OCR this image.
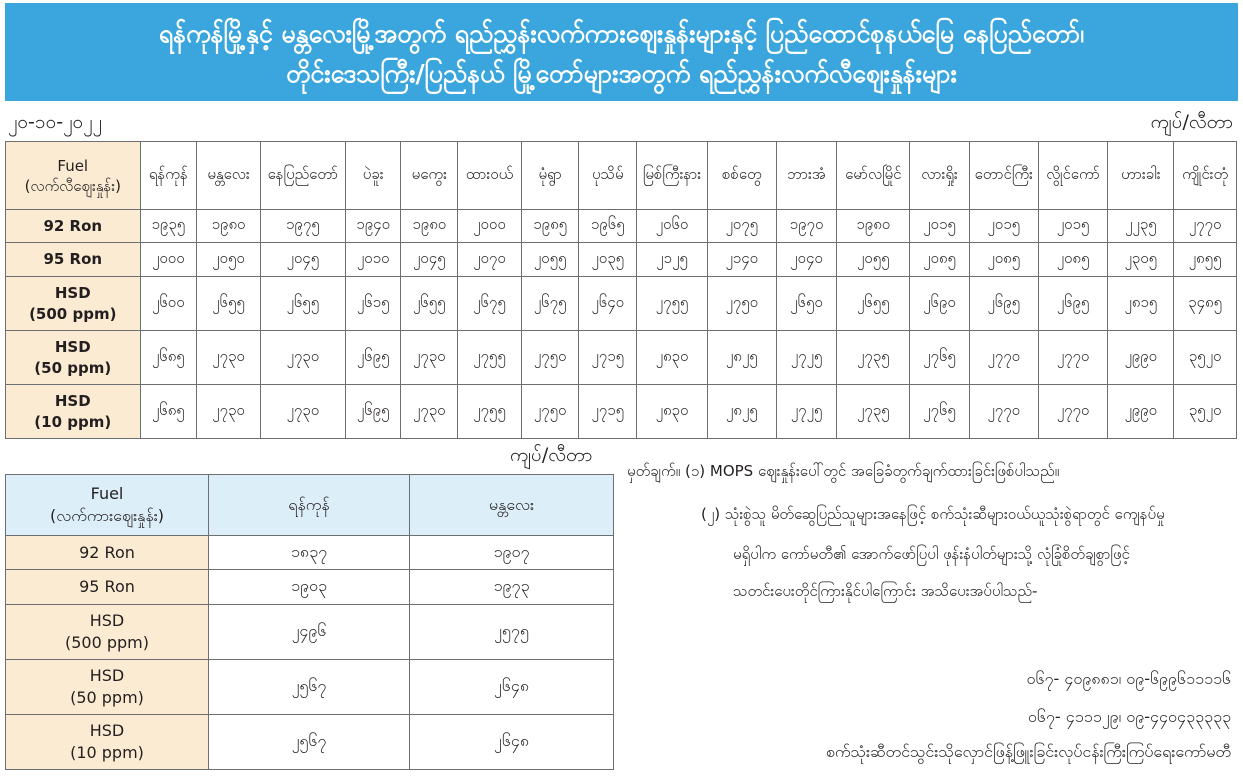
ရန်ကုန်မြို့နှင့် မန္တလေးမြို့အတွက် ရည်ညွှန်းလက်ကားဈေးနှုန်းများနှင့် ပြည်ထောင်စုနယ်မြေ နေပြည်တော်၊
တိုင်းဒေသကြီး/ပြည်နယ် မြို့တော်များအတွက် ရည်ညွှန်းလက်လီဈေးနှုန်းများ
၂၀-၁၀-၂၀၂၂	ကျပ်/လီတာ
Fuel
(လက်လီဈေးနှုန်း)	ရန်ကုန်	မန္တလေး	နေပြည်တော်	ပဲခူး	မကွေး	ထားဝယ်	မုံရွာ	ပုသိမ်	မြစ်ကြီးနား	စစ်တွေ	ဘားအံ	မော်လမြိုင်	လားရှိုး	တောင်ကြီး	လွိုင်ကော်	ဟားခါး	ကျိုင်းတုံ
92 Ron	၁၉၃၅	၁၉၈၀	၁၉၇၅	၁၉၄၀	၁၉၈၀	၂၀၀၀	၁၉၈၅	၁၉၆၅	၂၀၆၀	၂၀၇၅	၁၉၇၀	၁၉၈၀	၂၀၁၅	၂၀၁၅	၂၀၁၅	၂၂၃၅	၂၇၇၀
95 Ron	၂၀၀၀	၂၀၅၀	၂၀၄၅	၂၀၁၀	၂၀၄၅	၂၀၇၀	၂၀၅၅	၂၀၃၅	၂၁၂၅	၂၁၄၀	၂၀၄၀	၂၀၅၅	၂၀၈၅	၂၀၈၅	၂၀၈၅	၂၃၀၅	၂၈၅၅
HSD
(500 ppm)	၂၆၀၀	၂၆၅၅	၂၆၅၅	၂၆၁၅	၂၆၅၅	၂၆၇၅	၂၆၇၅	၂၆၄၀	၂၇၅၅	၂၇၅၀	၂၆၅၀	၂၆၅၅	၂၆၉၀	၂၆၉၅	၂၆၉၅	၂၈၁၅	၃၄၈၅
HSD
(50 ppm)	၂၆၈၅	၂၇၃၀	၂၇၃၀	၂၆၉၅	၂၇၃၀	၂၇၅၅	၂၇၅၀	၂၇၁၅	၂၈၃၀	၂၈၂၅	၂၇၂၅	၂၇၃၅	၂၇၆၅	၂၇၇၀	၂၇၇၀	၂၉၉၀	၃၅၂၀
HSD
(10 ppm)	၂၆၈၅	၂၇၃၀	၂၇၃၀	၂၆၉၅	၂၇၃၀	၂၇၅၅	၂၇၅၀	၂၇၁၅	၂၈၃၀	၂၈၂၅	၂၇၂၅	၂၇၃၅	၂၇၆၅	၂၇၇၀	၂၇၇၀	၂၉၉၀	၃၅၂၀
ကျပ်/လီတာ
Fuel
(လက်ကားဈေးနှုန်း)	ရန်ကုန်	မန္တလေး
92 Ron	၁၈၃၇	၁၉၀၇
95 Ron	၁၉၀၃	၁၉၇၃
HSD
(500 ppm)	၂၄၉၆	၂၅၇၅
HSD
(50 ppm)	၂၅၆၇	၂၆၄၈
HSD
(10 ppm)	၂၅၆၇	၂၆၄၈
မှတ်ချက်။ (၁) MOPS ဈေးနှုန်းပေါ်တွင် အခြေခံတွက်ချက်ထားခြင်းဖြစ်ပါသည်။
(၂) သုံးစွဲသူ မိတ်ဆွေပြည်သူများအနေဖြင့် စက်သုံးဆီများဝယ်ယူသုံးစွဲရာတွင် ကျေနပ်မှု
မရှိပါက ကော်မတီ၏ အောက်ဖော်ပြပါ ဖုန်းနံပါတ်များသို့ လုံခြုံစိတ်ချစွာဖြင့်
သတင်းပေးတိုင်ကြားနိုင်ပါကြောင်း အသိပေးအပ်ပါသည်-
၀၆၇- ၄၀၉၈၈၁၊ ၀၉-၆၉၉၆၁၁၁၁၆
၀၆၇- ၄၁၁၁၂၉၊ ၀၉-၄၄၀၄၃၃၃၃၃
စက်သုံးဆီတင်သွင်းသိုလှောင်ဖြန့်ဖြူးခြင်းလုပ်ငန်းကြီးကြပ်ရေးကော်မတီ
